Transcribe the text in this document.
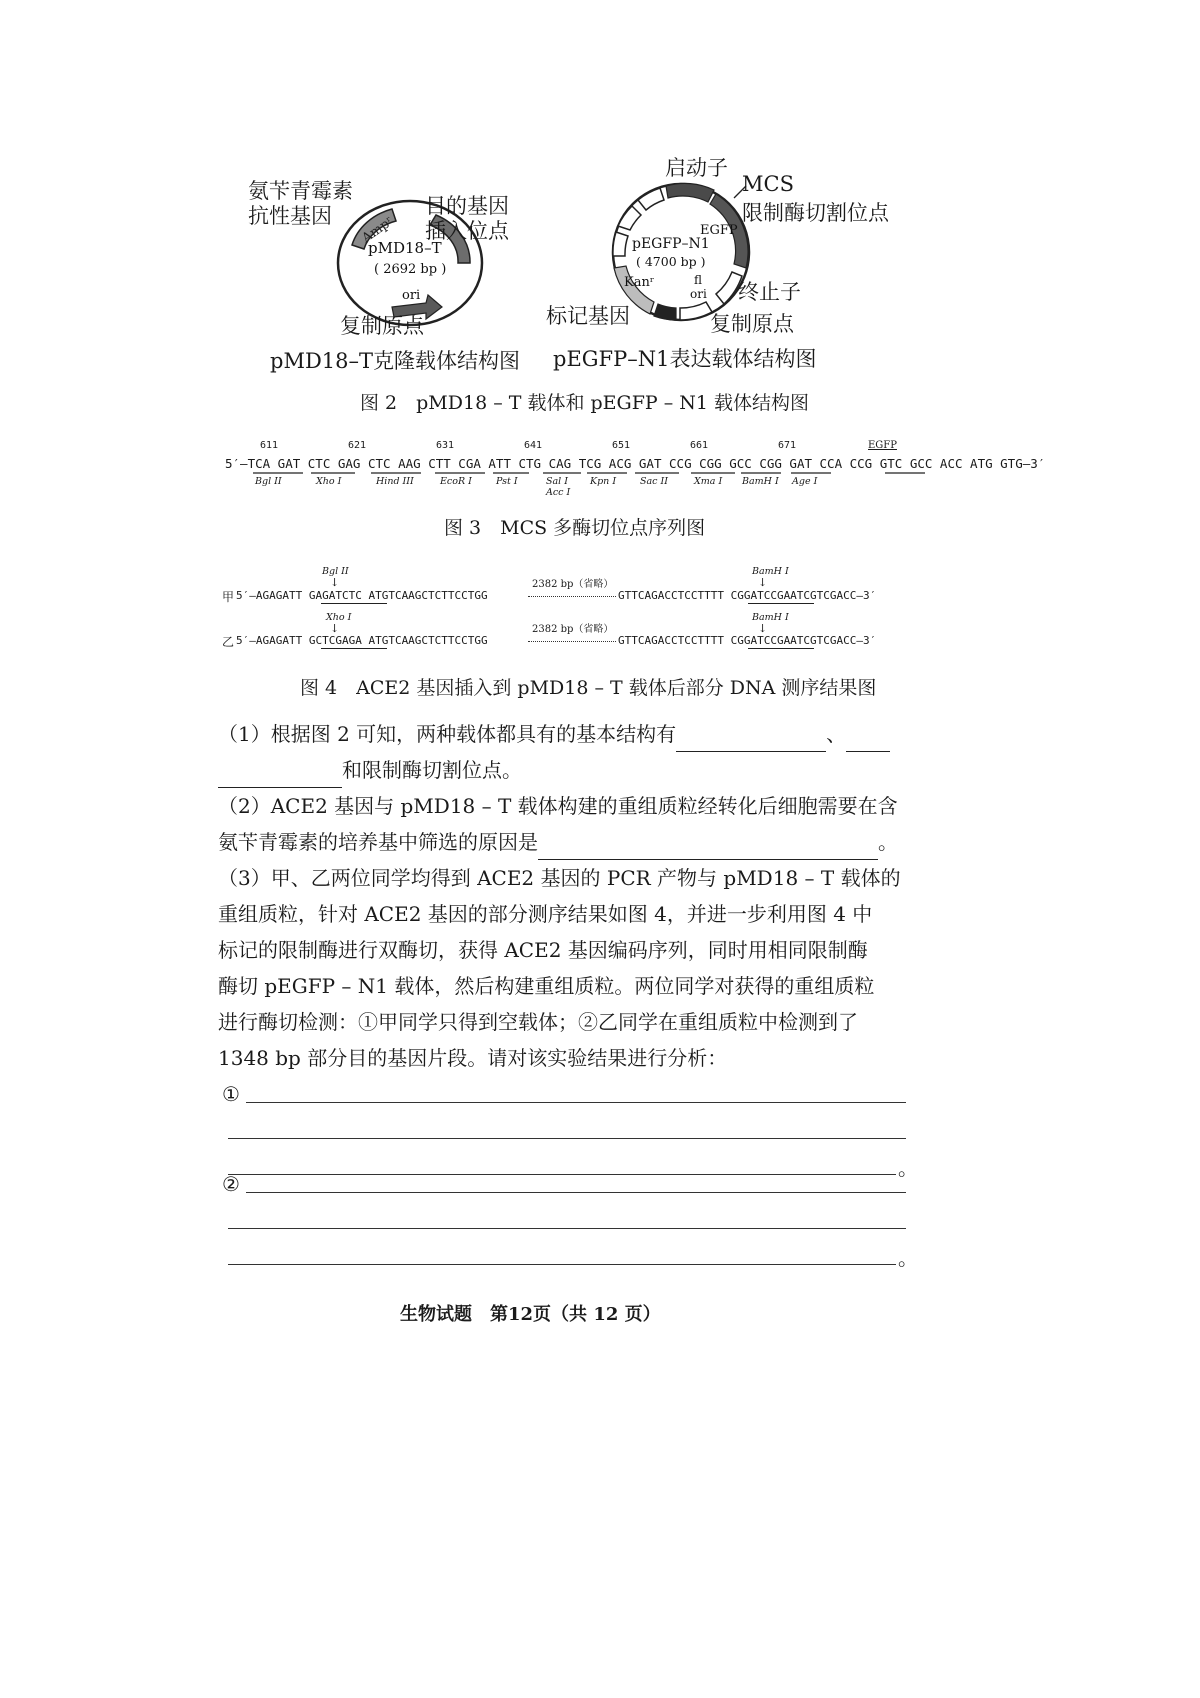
Ampʳ
pMD18–T
( 2692 bp )
ori
氨苄青霉素
抗性基因	目的基因
插入位点
复制原点
pMD18–T克隆载体结构图
EGFP
pEGFP–N1
( 4700 bp )
Kanʳ	fl
ori
启动子
MCS
限制酶切割位点
终止子
标记基因	复制原点
pEGFP–N1表达载体结构图
图 2　pMD18 – T 载体和 pEGFP – N1 载体结构图
611	621	631	641	651	661	671	EGFP
5′–TCA GAT CTC GAG CTC AAG CTT CGA ATT CTG CAG TCG ACG GAT CCG CGG GCC CGG GAT CCA CCG GTC GCC ACC ATG GTG–3′
Bgl II	Xho I	Hind III	EcoR I	Pst I	Sal I
Acc I
Kpn I	Sac II	Xma I BamH I Age I
图 3　MCS 多酶切位点序列图
Bgl II
↓
BamH I
↓
甲 5′–AGAGATT GAGATCTC ATGTCAAGCTCTTCCTGG
2382 bp（省略）
GTTCAGACCTCCTTTT CGGATCCGAATCGTCGACC–3′
Xho I
↓
BamH I
↓
乙 5′–AGAGATT GCTCGAGA ATGTCAAGCTCTTCCTGG
2382 bp（省略）
GTTCAGACCTCCTTTT CGGATCCGAATCGTCGACC–3′
图 4　ACE2 基因插入到 pMD18 – T 载体后部分 DNA 测序结果图
（1）根据图 2 可知，两种载体都具有的基本结构有	、
和限制酶切割位点。
（2）ACE2 基因与 pMD18 – T 载体构建的重组质粒经转化后细胞需要在含
氨苄青霉素的培养基中筛选的原因是	。
（3）甲、乙两位同学均得到 ACE2 基因的 PCR 产物与 pMD18 – T 载体的
重组质粒，针对 ACE2 基因的部分测序结果如图 4，并进一步利用图 4 中
标记的限制酶进行双酶切，获得 ACE2 基因编码序列，同时用相同限制酶
酶切 pEGFP – N1 载体，然后构建重组质粒。两位同学对获得的重组质粒
进行酶切检测：①甲同学只得到空载体；②乙同学在重组质粒中检测到了
1348 bp 部分目的基因片段。请对该实验结果进行分析：
①
。
②
。
生物试题　第12页（共 12 页）
